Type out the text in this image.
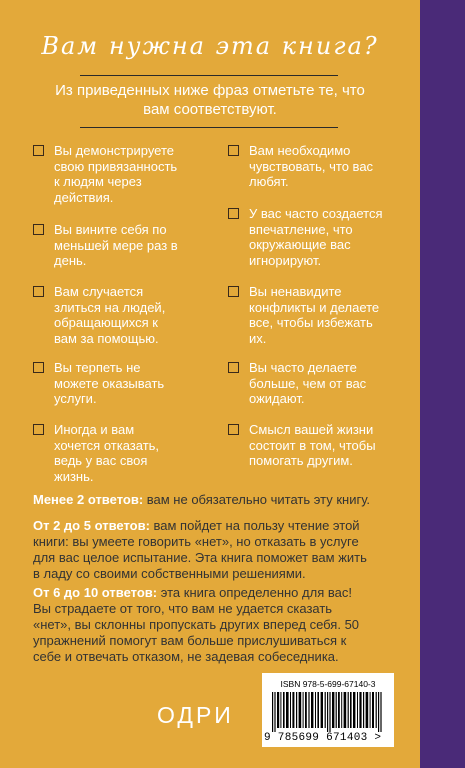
Вам нужна эта книга?
Из приведенных ниже фраз отметьте те, что вам соответствуют.
Вы демонстрируете
свою привязанность
к людям через
действия.
Вы вините себя по
меньшей мере раз в
день.
Вам случается
злиться на людей,
обращающихся к
вам за помощью.
Вы терпеть не
можете оказывать
услуги.
Иногда и вам
хочется отказать,
ведь у вас своя
жизнь.
Вам необходимо
чувствовать, что вас
любят.
У вас часто создается
впечатление, что
окружающие вас
игнорируют.
Вы ненавидите
конфликты и делаете
все, чтобы избежать
их.
Вы часто делаете
больше, чем от вас
ожидают.
Смысл вашей жизни
состоит в том, чтобы
помогать другим.
Менее 2 ответов: вам не обязательно читать эту книгу.
От 2 до 5 ответов: вам пойдет на пользу чтение этой
книги: вы умеете говорить «нет», но отказать в услуге
для вас целое испытание. Эта книга поможет вам жить
в ладу со своими собственными решениями.
От 6 до 10 ответов: эта книга определенно для вас!
Вы страдаете от того, что вам не удается сказать
«нет», вы склонны пропускать других вперед себя. 50
упражнений помогут вам больше прислушиваться к
себе и отвечать отказом, не задевая собеседника.
ОДРИ
ISBN 978-5-699-67140-3
9 785699 671403 >
